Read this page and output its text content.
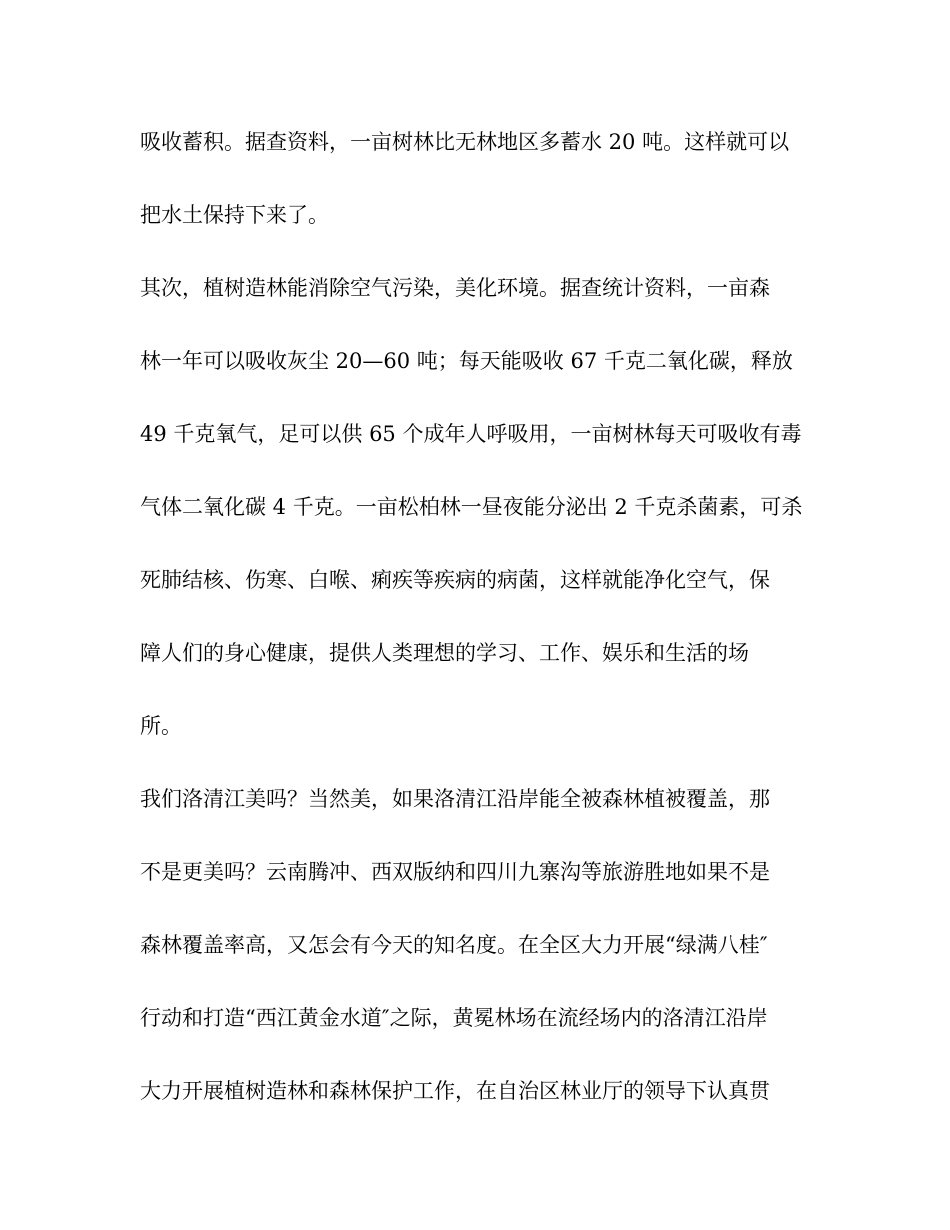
吸收蓄积。据查资料，一亩树林比无林地区多蓄水 20 吨。这样就可以

把水土保持下来了。

其次，植树造林能消除空气污染，美化环境。据查统计资料，一亩森

林一年可以吸收灰尘 20—60 吨；每天能吸收 67 千克二氧化碳，释放

49 千克氧气，足可以供 65 个成年人呼吸用，一亩树林每天可吸收有毒

气体二氧化碳 4 千克。一亩松柏林一昼夜能分泌出 2 千克杀菌素，可杀

死肺结核、伤寒、白喉、痢疾等疾病的病菌，这样就能净化空气，保

障人们的身心健康，提供人类理想的学习、工作、娱乐和生活的场

所。

我们洛清江美吗？当然美，如果洛清江沿岸能全被森林植被覆盖，那

不是更美吗？云南腾冲、西双版纳和四川九寨沟等旅游胜地如果不是

森林覆盖率高，又怎会有今天的知名度。在全区大力开展“绿满八桂″

行动和打造“西江黄金水道″之际，黄冕林场在流经场内的洛清江沿岸

大力开展植树造林和森林保护工作，在自治区林业厅的领导下认真贯
